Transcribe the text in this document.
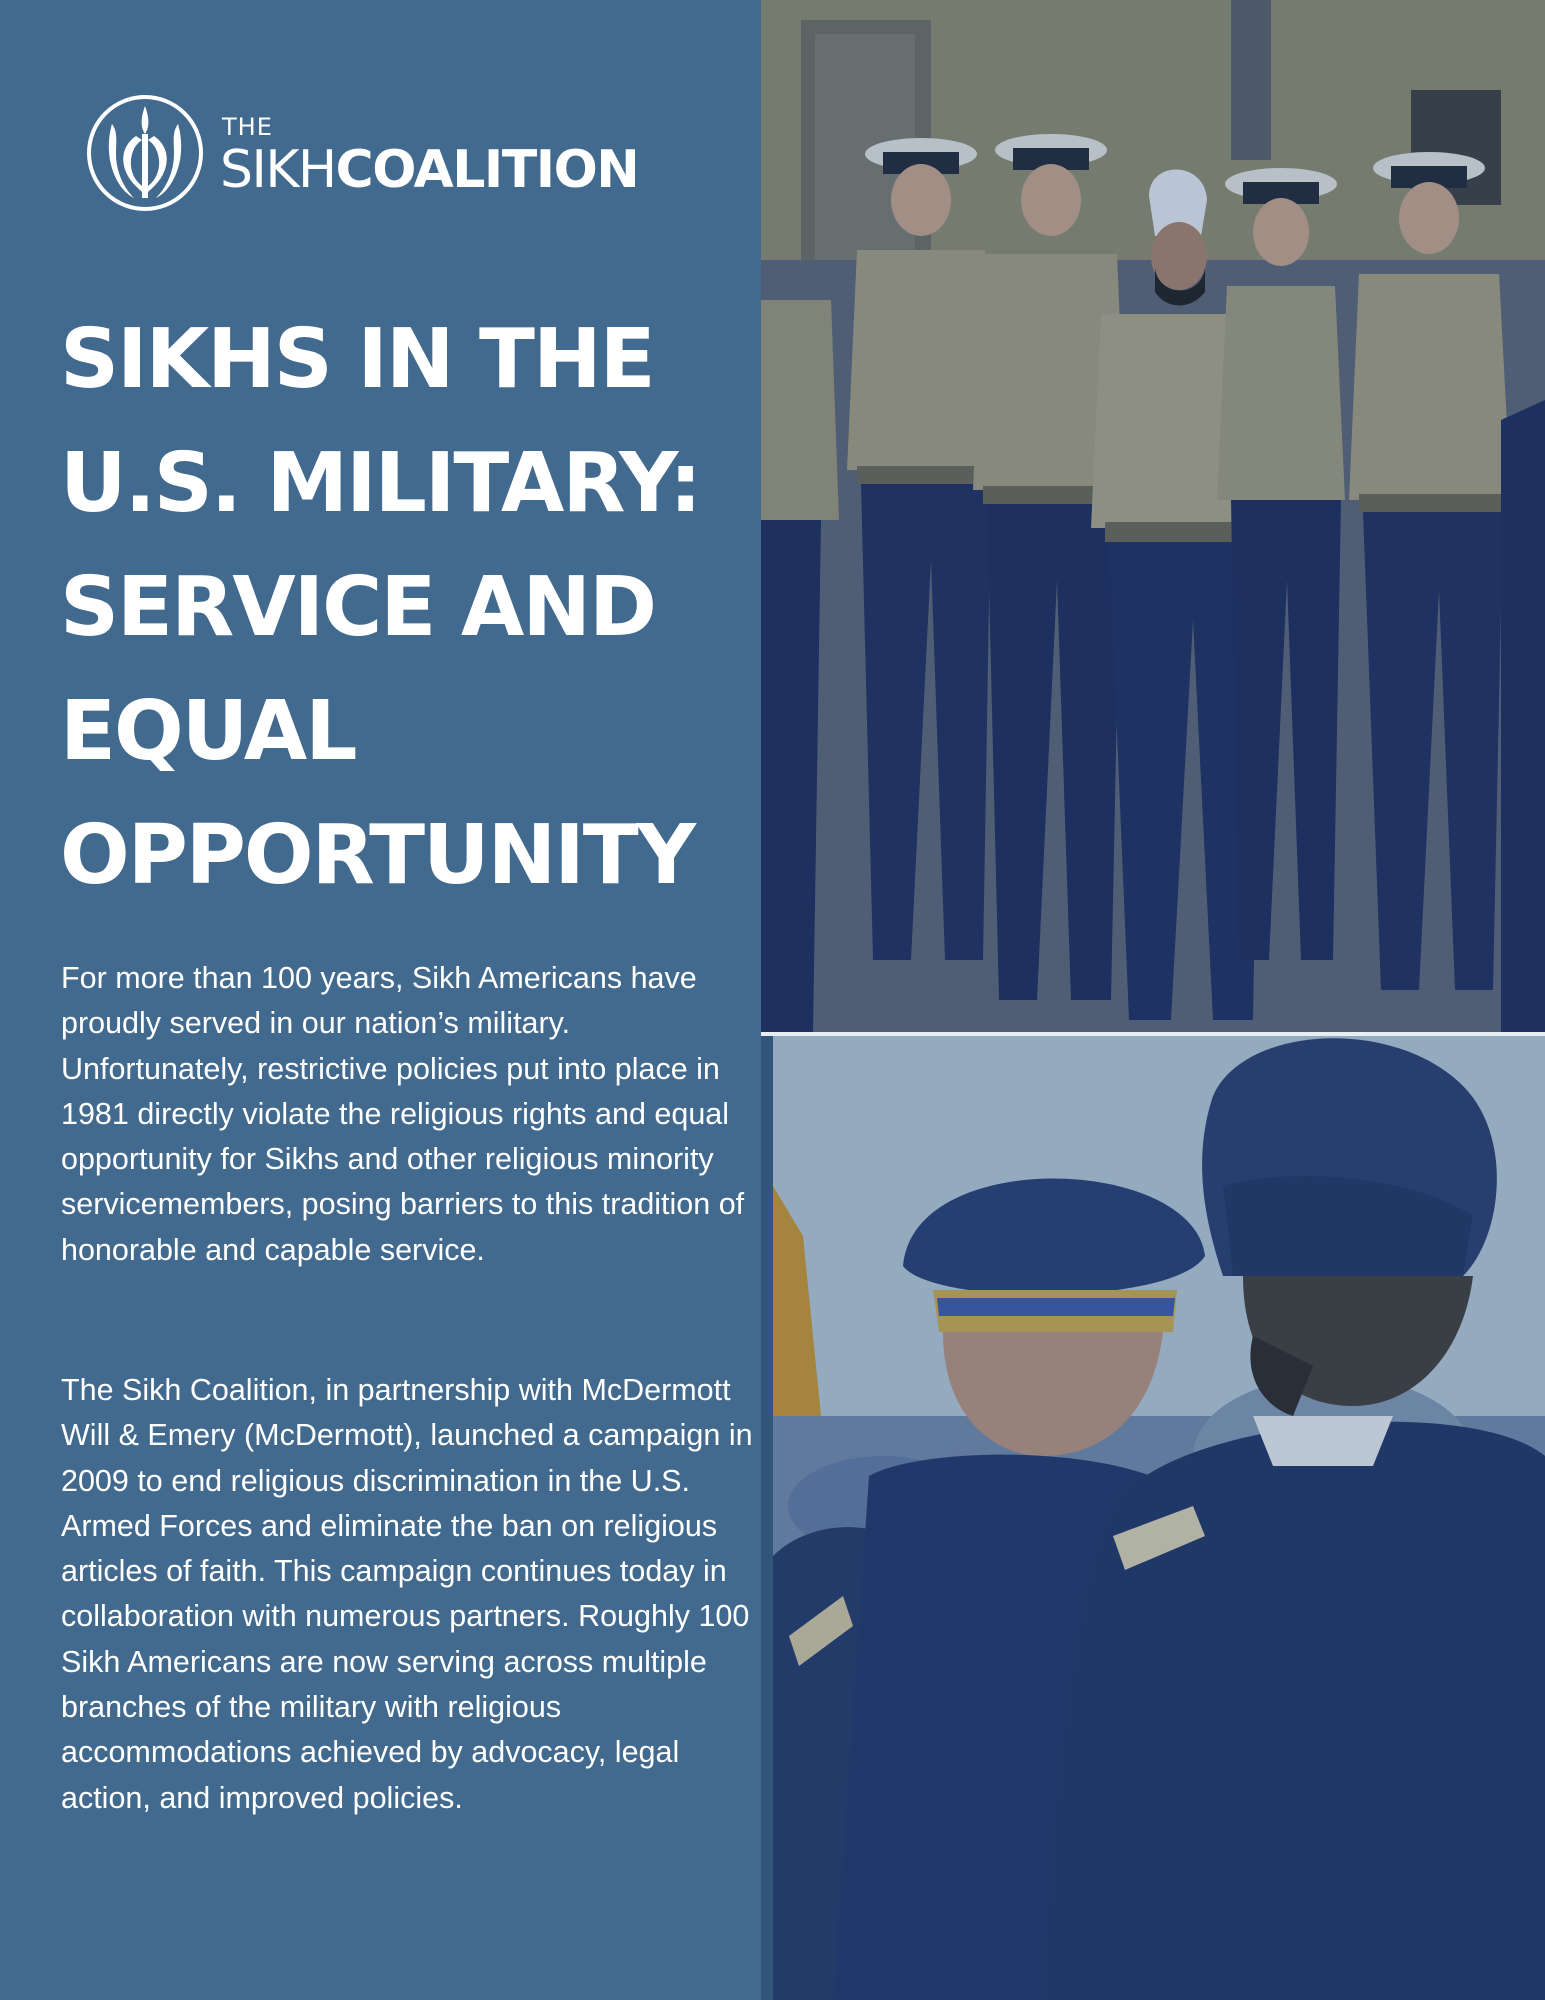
THE
SIKHCOALITION
SIKHS IN THE
U.S. MILITARY:
SERVICE AND
EQUAL
OPPORTUNITY

For more than 100 years, Sikh Americans have proudly served in our nation’s military. Unfortunately, restrictive policies put into place in 1981 directly violate the religious rights and equal opportunity for Sikhs and other religious minority servicemembers, posing barriers to this tradition of honorable and capable service.

The Sikh Coalition, in partnership with McDermott Will & Emery (McDermott), launched a campaign in 2009 to end religious discrimination in the U.S. Armed Forces and eliminate the ban on religious articles of faith. This campaign continues today in collaboration with numerous partners. Roughly 100 Sikh Americans are now serving across multiple branches of the military with religious accommodations achieved by advocacy, legal action, and improved policies.
